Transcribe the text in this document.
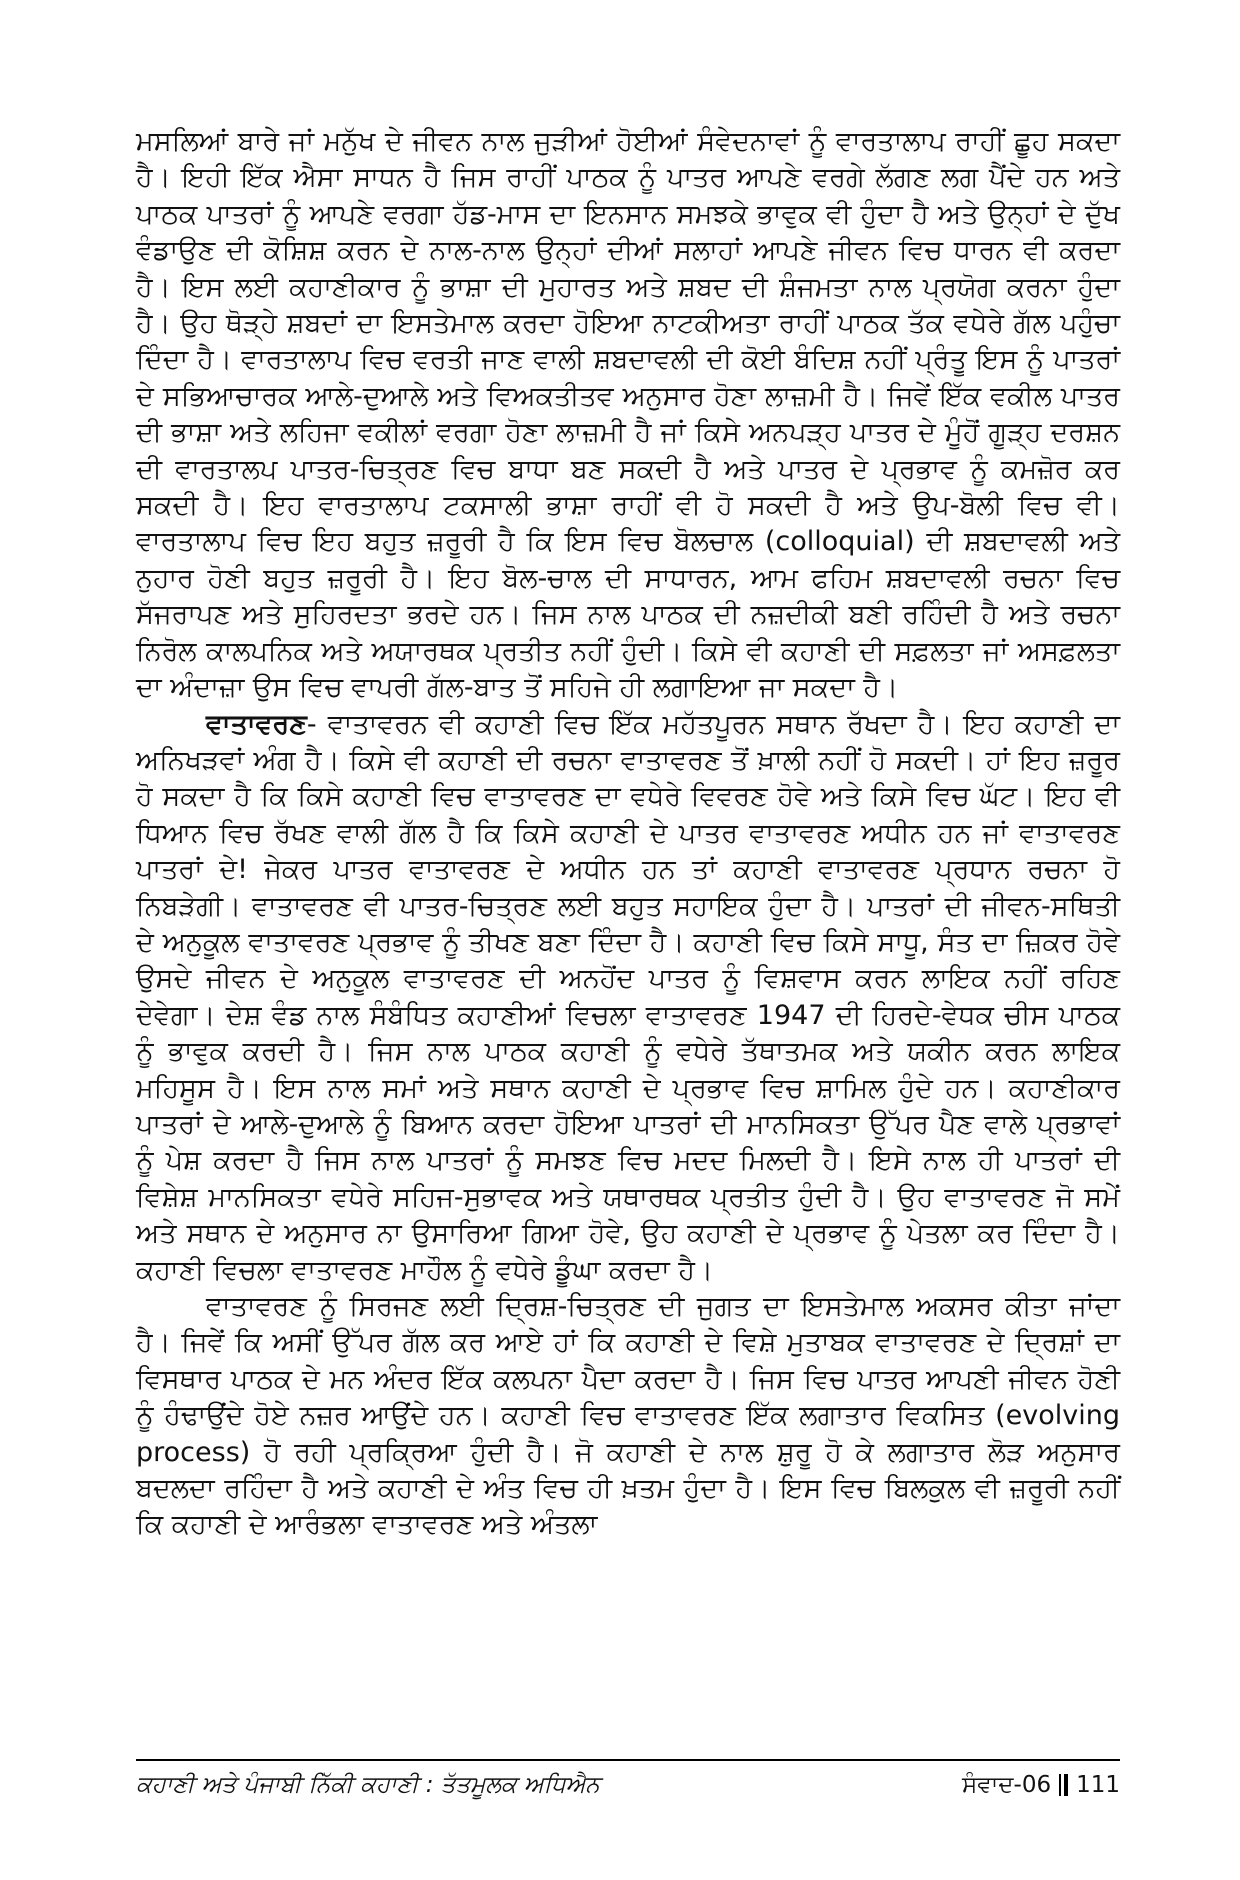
ਮਸਲਿਆਂ ਬਾਰੇ ਜਾਂ ਮਨੁੱਖ ਦੇ ਜੀਵਨ ਨਾਲ ਜੁੜੀਆਂ ਹੋਈਆਂ ਸੰਵੇਦਨਾਵਾਂ ਨੂੰ ਵਾਰਤਾਲਾਪ ਰਾਹੀਂ ਛੂਹ ਸਕਦਾ ਹੈ। ਇਹੀ ਇੱਕ ਐਸਾ ਸਾਧਨ ਹੈ ਜਿਸ ਰਾਹੀਂ ਪਾਠਕ ਨੂੰ ਪਾਤਰ ਆਪਣੇ ਵਰਗੇ ਲੱਗਣ ਲਗ ਪੈਂਦੇ ਹਨ ਅਤੇ ਪਾਠਕ ਪਾਤਰਾਂ ਨੂੰ ਆਪਣੇ ਵਰਗਾ ਹੱਡ-ਮਾਸ ਦਾ ਇਨਸਾਨ ਸਮਝਕੇ ਭਾਵੁਕ ਵੀ ਹੁੰਦਾ ਹੈ ਅਤੇ ਉਨ੍ਹਾਂ ਦੇ ਦੁੱਖ ਵੰਡਾਉਣ ਦੀ ਕੋਸ਼ਿਸ਼ ਕਰਨ ਦੇ ਨਾਲ-ਨਾਲ ਉਨ੍ਹਾਂ ਦੀਆਂ ਸਲਾਹਾਂ ਆਪਣੇ ਜੀਵਨ ਵਿਚ ਧਾਰਨ ਵੀ ਕਰਦਾ ਹੈ। ਇਸ ਲਈ ਕਹਾਣੀਕਾਰ ਨੂੰ ਭਾਸ਼ਾ ਦੀ ਮੁਹਾਰਤ ਅਤੇ ਸ਼ਬਦ ਦੀ ਸ਼ੰਜਮਤਾ ਨਾਲ ਪ੍ਰਯੋਗ ਕਰਨਾ ਹੁੰਦਾ ਹੈ। ਉਹ ਥੋੜ੍ਹੇ ਸ਼ਬਦਾਂ ਦਾ ਇਸਤੇਮਾਲ ਕਰਦਾ ਹੋਇਆ ਨਾਟਕੀਅਤਾ ਰਾਹੀਂ ਪਾਠਕ ਤੱਕ ਵਧੇਰੇ ਗੱਲ ਪਹੁੰਚਾ ਦਿੰਦਾ ਹੈ। ਵਾਰਤਾਲਾਪ ਵਿਚ ਵਰਤੀ ਜਾਣ ਵਾਲੀ ਸ਼ਬਦਾਵਲੀ ਦੀ ਕੋਈ ਬੰਦਿਸ਼ ਨਹੀਂ ਪ੍ਰੰਤੂ ਇਸ ਨੂੰ ਪਾਤਰਾਂ ਦੇ ਸਭਿਆਚਾਰਕ ਆਲੇ-ਦੁਆਲੇ ਅਤੇ ਵਿਅਕਤੀਤਵ ਅਨੁਸਾਰ ਹੋਣਾ ਲਾਜ਼ਮੀ ਹੈ। ਜਿਵੇਂ ਇੱਕ ਵਕੀਲ ਪਾਤਰ ਦੀ ਭਾਸ਼ਾ ਅਤੇ ਲਹਿਜਾ ਵਕੀਲਾਂ ਵਰਗਾ ਹੋਣਾ ਲਾਜ਼ਮੀ ਹੈ ਜਾਂ ਕਿਸੇ ਅਨਪੜ੍ਹ ਪਾਤਰ ਦੇ ਮੂੰਹੋਂ ਗੂੜ੍ਹ ਦਰਸ਼ਨ ਦੀ ਵਾਰਤਾਲਪ ਪਾਤਰ-ਚਿਤ੍ਰਣ ਵਿਚ ਬਾਧਾ ਬਣ ਸਕਦੀ ਹੈ ਅਤੇ ਪਾਤਰ ਦੇ ਪ੍ਰਭਾਵ ਨੂੰ ਕਮਜ਼ੋਰ ਕਰ ਸਕਦੀ ਹੈ। ਇਹ ਵਾਰਤਾਲਾਪ ਟਕਸਾਲੀ ਭਾਸ਼ਾ ਰਾਹੀਂ ਵੀ ਹੋ ਸਕਦੀ ਹੈ ਅਤੇ ਉਪ-ਬੋਲੀ ਵਿਚ ਵੀ। ਵਾਰਤਾਲਾਪ ਵਿਚ ਇਹ ਬਹੁਤ ਜ਼ਰੂਰੀ ਹੈ ਕਿ ਇਸ ਵਿਚ ਬੋਲਚਾਲ (colloquial) ਦੀ ਸ਼ਬਦਾਵਲੀ ਅਤੇ ਨੁਹਾਰ ਹੋਣੀ ਬਹੁਤ ਜ਼ਰੂਰੀ ਹੈ। ਇਹ ਬੋਲ-ਚਾਲ ਦੀ ਸਾਧਾਰਨ, ਆਮ ਫਹਿਮ ਸ਼ਬਦਾਵਲੀ ਰਚਨਾ ਵਿਚ ਸੱਜਰਾਪਣ ਅਤੇ ਸੁਹਿਰਦਤਾ ਭਰਦੇ ਹਨ। ਜਿਸ ਨਾਲ ਪਾਠਕ ਦੀ ਨਜ਼ਦੀਕੀ ਬਣੀ ਰਹਿੰਦੀ ਹੈ ਅਤੇ ਰਚਨਾ ਨਿਰੋਲ ਕਾਲਪਨਿਕ ਅਤੇ ਅਯਾਰਥਕ ਪ੍ਰਤੀਤ ਨਹੀਂ ਹੁੰਦੀ। ਕਿਸੇ ਵੀ ਕਹਾਣੀ ਦੀ ਸਫ਼ਲਤਾ ਜਾਂ ਅਸਫ਼ਲਤਾ ਦਾ ਅੰਦਾਜ਼ਾ ਉਸ ਵਿਚ ਵਾਪਰੀ ਗੱਲ-ਬਾਤ ਤੋਂ ਸਹਿਜੇ ਹੀ ਲਗਾਇਆ ਜਾ ਸਕਦਾ ਹੈ।

ਵਾਤਾਵਰਣ- ਵਾਤਾਵਰਨ ਵੀ ਕਹਾਣੀ ਵਿਚ ਇੱਕ ਮਹੱਤਪੂਰਨ ਸਥਾਨ ਰੱਖਦਾ ਹੈ। ਇਹ ਕਹਾਣੀ ਦਾ ਅਨਿਖੜਵਾਂ ਅੰਗ ਹੈ। ਕਿਸੇ ਵੀ ਕਹਾਣੀ ਦੀ ਰਚਨਾ ਵਾਤਾਵਰਣ ਤੋਂ ਖ਼ਾਲੀ ਨਹੀਂ ਹੋ ਸਕਦੀ। ਹਾਂ ਇਹ ਜ਼ਰੂਰ ਹੋ ਸਕਦਾ ਹੈ ਕਿ ਕਿਸੇ ਕਹਾਣੀ ਵਿਚ ਵਾਤਾਵਰਣ ਦਾ ਵਧੇਰੇ ਵਿਵਰਣ ਹੋਵੇ ਅਤੇ ਕਿਸੇ ਵਿਚ ਘੱਟ। ਇਹ ਵੀ ਧਿਆਨ ਵਿਚ ਰੱਖਣ ਵਾਲੀ ਗੱਲ ਹੈ ਕਿ ਕਿਸੇ ਕਹਾਣੀ ਦੇ ਪਾਤਰ ਵਾਤਾਵਰਣ ਅਧੀਨ ਹਨ ਜਾਂ ਵਾਤਾਵਰਣ ਪਾਤਰਾਂ ਦੇ! ਜੇਕਰ ਪਾਤਰ ਵਾਤਾਵਰਣ ਦੇ ਅਧੀਨ ਹਨ ਤਾਂ ਕਹਾਣੀ ਵਾਤਾਵਰਣ ਪ੍ਰਧਾਨ ਰਚਨਾ ਹੋ ਨਿਬੜੇਗੀ। ਵਾਤਾਵਰਣ ਵੀ ਪਾਤਰ-ਚਿਤ੍ਰਣ ਲਈ ਬਹੁਤ ਸਹਾਇਕ ਹੁੰਦਾ ਹੈ। ਪਾਤਰਾਂ ਦੀ ਜੀਵਨ-ਸਥਿਤੀ ਦੇ ਅਨੁਕੂਲ ਵਾਤਾਵਰਣ ਪ੍ਰਭਾਵ ਨੂੰ ਤੀਖਣ ਬਣਾ ਦਿੰਦਾ ਹੈ। ਕਹਾਣੀ ਵਿਚ ਕਿਸੇ ਸਾਧੂ, ਸੰਤ ਦਾ ਜ਼ਿਕਰ ਹੋਵੇ ਉਸਦੇ ਜੀਵਨ ਦੇ ਅਨੁਕੂਲ ਵਾਤਾਵਰਣ ਦੀ ਅਨਹੋਂਦ ਪਾਤਰ ਨੂੰ ਵਿਸ਼ਵਾਸ ਕਰਨ ਲਾਇਕ ਨਹੀਂ ਰਹਿਣ ਦੇਵੇਗਾ। ਦੇਸ਼ ਵੰਡ ਨਾਲ ਸੰਬੰਧਿਤ ਕਹਾਣੀਆਂ ਵਿਚਲਾ ਵਾਤਾਵਰਣ 1947 ਦੀ ਹਿਰਦੇ-ਵੇਧਕ ਚੀਸ ਪਾਠਕ ਨੂੰ ਭਾਵੁਕ ਕਰਦੀ ਹੈ। ਜਿਸ ਨਾਲ ਪਾਠਕ ਕਹਾਣੀ ਨੂੰ ਵਧੇਰੇ ਤੱਥਾਤਮਕ ਅਤੇ ਯਕੀਨ ਕਰਨ ਲਾਇਕ ਮਹਿਸੂਸ ਹੈ। ਇਸ ਨਾਲ ਸਮਾਂ ਅਤੇ ਸਥਾਨ ਕਹਾਣੀ ਦੇ ਪ੍ਰਭਾਵ ਵਿਚ ਸ਼ਾਮਿਲ ਹੁੰਦੇ ਹਨ। ਕਹਾਣੀਕਾਰ ਪਾਤਰਾਂ ਦੇ ਆਲੇ-ਦੁਆਲੇ ਨੂੰ ਬਿਆਨ ਕਰਦਾ ਹੋਇਆ ਪਾਤਰਾਂ ਦੀ ਮਾਨਸਿਕਤਾ ਉੱਪਰ ਪੈਣ ਵਾਲੇ ਪ੍ਰਭਾਵਾਂ ਨੂੰ ਪੇਸ਼ ਕਰਦਾ ਹੈ ਜਿਸ ਨਾਲ ਪਾਤਰਾਂ ਨੂੰ ਸਮਝਣ ਵਿਚ ਮਦਦ ਮਿਲਦੀ ਹੈ। ਇਸੇ ਨਾਲ ਹੀ ਪਾਤਰਾਂ ਦੀ ਵਿਸ਼ੇਸ਼ ਮਾਨਸਿਕਤਾ ਵਧੇਰੇ ਸਹਿਜ-ਸੁਭਾਵਕ ਅਤੇ ਯਥਾਰਥਕ ਪ੍ਰਤੀਤ ਹੁੰਦੀ ਹੈ। ਉਹ ਵਾਤਾਵਰਣ ਜੋ ਸਮੇਂ ਅਤੇ ਸਥਾਨ ਦੇ ਅਨੁਸਾਰ ਨਾ ਉਸਾਰਿਆ ਗਿਆ ਹੋਵੇ, ਉਹ ਕਹਾਣੀ ਦੇ ਪ੍ਰਭਾਵ ਨੂੰ ਪੇਤਲਾ ਕਰ ਦਿੰਦਾ ਹੈ। ਕਹਾਣੀ ਵਿਚਲਾ ਵਾਤਾਵਰਣ ਮਾਹੌਲ ਨੂੰ ਵਧੇਰੇ ਡੂੰਘਾ ਕਰਦਾ ਹੈ।

ਵਾਤਾਵਰਣ ਨੂੰ ਸਿਰਜਣ ਲਈ ਦ੍ਰਿਸ਼-ਚਿਤ੍ਰਣ ਦੀ ਜੁਗਤ ਦਾ ਇਸਤੇਮਾਲ ਅਕਸਰ ਕੀਤਾ ਜਾਂਦਾ ਹੈ। ਜਿਵੇਂ ਕਿ ਅਸੀਂ ਉੱਪਰ ਗੱਲ ਕਰ ਆਏ ਹਾਂ ਕਿ ਕਹਾਣੀ ਦੇ ਵਿਸ਼ੇ ਮੁਤਾਬਕ ਵਾਤਾਵਰਣ ਦੇ ਦ੍ਰਿਸ਼ਾਂ ਦਾ ਵਿਸਥਾਰ ਪਾਠਕ ਦੇ ਮਨ ਅੰਦਰ ਇੱਕ ਕਲਪਨਾ ਪੈਦਾ ਕਰਦਾ ਹੈ। ਜਿਸ ਵਿਚ ਪਾਤਰ ਆਪਣੀ ਜੀਵਨ ਹੋਣੀ ਨੂੰ ਹੰਢਾਉਂਦੇ ਹੋਏ ਨਜ਼ਰ ਆਉਂਦੇ ਹਨ। ਕਹਾਣੀ ਵਿਚ ਵਾਤਾਵਰਣ ਇੱਕ ਲਗਾਤਾਰ ਵਿਕਸਿਤ (evolving process) ਹੋ ਰਹੀ ਪ੍ਰਕ੍ਰਿਆ ਹੁੰਦੀ ਹੈ। ਜੋ ਕਹਾਣੀ ਦੇ ਨਾਲ ਸ਼ੁਰੂ ਹੋ ਕੇ ਲਗਾਤਾਰ ਲੋੜ ਅਨੁਸਾਰ ਬਦਲਦਾ ਰਹਿੰਦਾ ਹੈ ਅਤੇ ਕਹਾਣੀ ਦੇ ਅੰਤ ਵਿਚ ਹੀ ਖ਼ਤਮ ਹੁੰਦਾ ਹੈ। ਇਸ ਵਿਚ ਬਿਲਕੁਲ ਵੀ ਜ਼ਰੂਰੀ ਨਹੀਂ ਕਿ ਕਹਾਣੀ ਦੇ ਆਰੰਭਲਾ ਵਾਤਾਵਰਣ ਅਤੇ ਅੰਤਲਾ

ਕਹਾਣੀ ਅਤੇ ਪੰਜਾਬੀ ਨਿੱਕੀ ਕਹਾਣੀ : ਤੱਤਮੂਲਕ ਅਧਿਐਨ	ਸੰਵਾਦ-06 111
